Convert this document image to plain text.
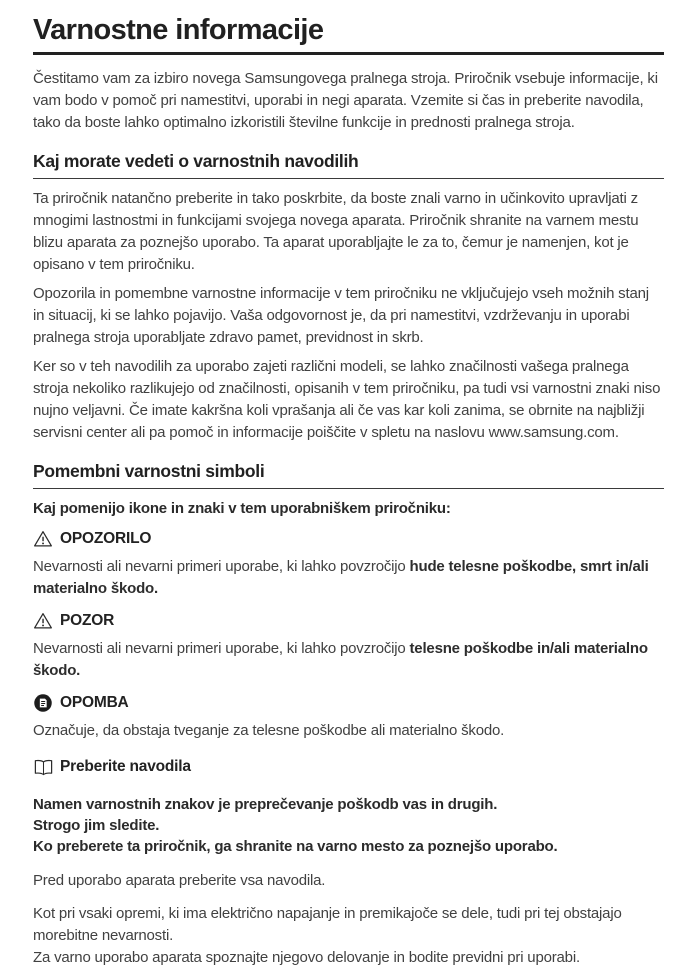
Varnostne informacije

Čestitamo vam za izbiro novega Samsungovega pralnega stroja. Priročnik vsebuje informacije, ki vam bodo v pomoč pri namestitvi, uporabi in negi aparata. Vzemite si čas in preberite navodila, tako da boste lahko optimalno izkoristili številne funkcije in prednosti pralnega stroja.

Kaj morate vedeti o varnostnih navodilih

Ta priročnik natančno preberite in tako poskrbite, da boste znali varno in učinkovito upravljati z mnogimi lastnostmi in funkcijami svojega novega aparata. Priročnik shranite na varnem mestu blizu aparata za poznejšo uporabo. Ta aparat uporabljajte le za to, čemur je namenjen, kot je opisano v tem priročniku.

Opozorila in pomembne varnostne informacije v tem priročniku ne vključujejo vseh možnih stanj in situacij, ki se lahko pojavijo. Vaša odgovornost je, da pri namestitvi, vzdrževanju in uporabi pralnega stroja uporabljate zdravo pamet, previdnost in skrb.

Ker so v teh navodilih za uporabo zajeti različni modeli, se lahko značilnosti vašega pralnega stroja nekoliko razlikujejo od značilnosti, opisanih v tem priročniku, pa tudi vsi varnostni znaki niso nujno veljavni. Če imate kakršna koli vprašanja ali če vas kar koli zanima, se obrnite na najbližji servisni center ali pa pomoč in informacije poiščite v spletu na naslovu www.samsung.com.

Pomembni varnostni simboli

Kaj pomenijo ikone in znaki v tem uporabniškem priročniku:

OPOZORILO

Nevarnosti ali nevarni primeri uporabe, ki lahko povzročijo hude telesne poškodbe, smrt in/ali materialno škodo.

POZOR

Nevarnosti ali nevarni primeri uporabe, ki lahko povzročijo telesne poškodbe in/ali materialno škodo.

OPOMBA

Označuje, da obstaja tveganje za telesne poškodbe ali materialno škodo.

Preberite navodila

Namen varnostnih znakov je preprečevanje poškodb vas in drugih.

Strogo jim sledite.

Ko preberete ta priročnik, ga shranite na varno mesto za poznejšo uporabo.

Pred uporabo aparata preberite vsa navodila.

Kot pri vsaki opremi, ki ima električno napajanje in premikajoče se dele, tudi pri tej obstajajo morebitne nevarnosti.
Za varno uporabo aparata spoznajte njegovo delovanje in bodite previdni pri uporabi.
